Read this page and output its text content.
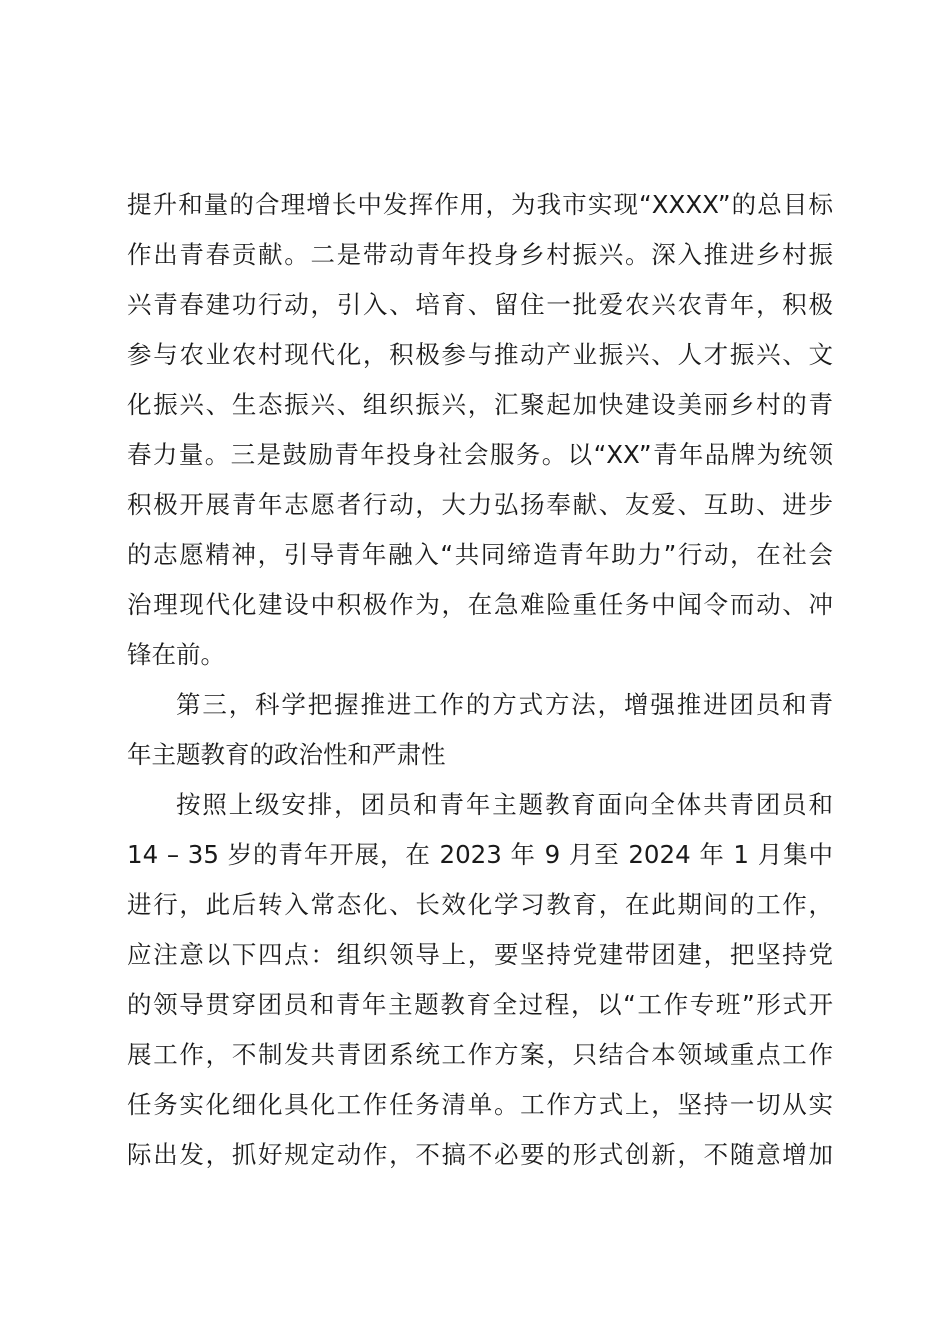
提升和量的合理增长中发挥作用，为我市实现“XXXX”的总目标
作出青春贡献。二是带动青年投身乡村振兴。深入推进乡村振
兴青春建功行动，引入、培育、留住一批爱农兴农青年，积极
参与农业农村现代化，积极参与推动产业振兴、人才振兴、文
化振兴、生态振兴、组织振兴，汇聚起加快建设美丽乡村的青
春力量。三是鼓励青年投身社会服务。以“XX”青年品牌为统领
积极开展青年志愿者行动，大力弘扬奉献、友爱、互助、进步
的志愿精神，引导青年融入“共同缔造青年助力”行动，在社会
治理现代化建设中积极作为，在急难险重任务中闻令而动、冲
锋在前。
第三，科学把握推进工作的方式方法，增强推进团员和青
年主题教育的政治性和严肃性
按照上级安排，团员和青年主题教育面向全体共青团员和
14 – 35 岁的青年开展，在 2023 年 9 月至 2024 年 1 月集中
进行，此后转入常态化、长效化学习教育，在此期间的工作，
应注意以下四点：组织领导上，要坚持党建带团建，把坚持党
的领导贯穿团员和青年主题教育全过程，以“工作专班”形式开
展工作，不制发共青团系统工作方案，只结合本领域重点工作
任务实化细化具化工作任务清单。工作方式上，坚持一切从实
际出发，抓好规定动作，不搞不必要的形式创新，不随意增加
